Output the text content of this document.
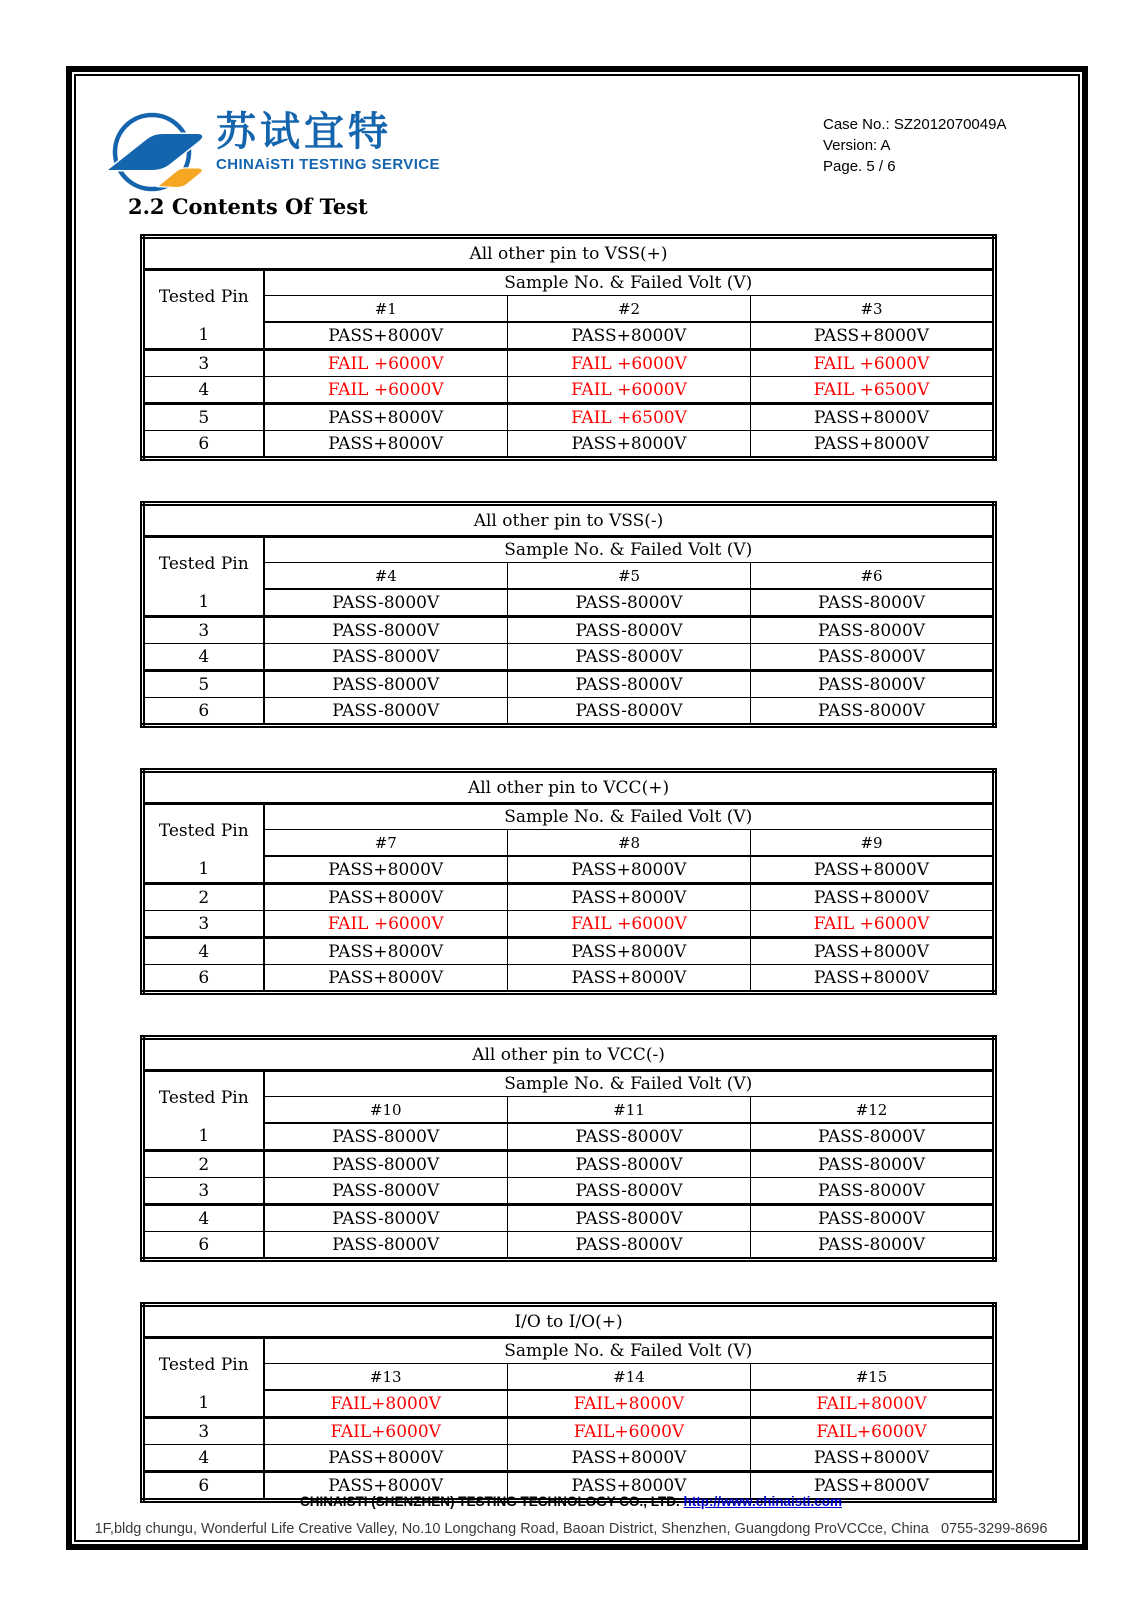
苏试宜特
CHINAiSTI TESTING SERVICE
Case No.: SZ2012070049A
Version: A
Page. 5 / 6
2.2 Contents Of Test
All other pin to VSS(+)			
Tested Pin	Sample No. & Failed Volt (V)		
	#1	#2	#3
1	PASS+8000V	PASS+8000V	PASS+8000V
3	FAIL +6000V	FAIL +6000V	FAIL +6000V
4	FAIL +6000V	FAIL +6000V	FAIL +6500V
5	PASS+8000V	FAIL +6500V	PASS+8000V
6	PASS+8000V	PASS+8000V	PASS+8000V
All other pin to VSS(-)			
Tested Pin	Sample No. & Failed Volt (V)		
	#4	#5	#6
1	PASS-8000V	PASS-8000V	PASS-8000V
3	PASS-8000V	PASS-8000V	PASS-8000V
4	PASS-8000V	PASS-8000V	PASS-8000V
5	PASS-8000V	PASS-8000V	PASS-8000V
6	PASS-8000V	PASS-8000V	PASS-8000V
All other pin to VCC(+)			
Tested Pin	Sample No. & Failed Volt (V)		
	#7	#8	#9
1	PASS+8000V	PASS+8000V	PASS+8000V
2	PASS+8000V	PASS+8000V	PASS+8000V
3	FAIL +6000V	FAIL +6000V	FAIL +6000V
4	PASS+8000V	PASS+8000V	PASS+8000V
6	PASS+8000V	PASS+8000V	PASS+8000V
All other pin to VCC(-)			
Tested Pin	Sample No. & Failed Volt (V)		
	#10	#11	#12
1	PASS-8000V	PASS-8000V	PASS-8000V
2	PASS-8000V	PASS-8000V	PASS-8000V
3	PASS-8000V	PASS-8000V	PASS-8000V
4	PASS-8000V	PASS-8000V	PASS-8000V
6	PASS-8000V	PASS-8000V	PASS-8000V
I/O to I/O(+)			
Tested Pin	Sample No. & Failed Volt (V)		
	#13	#14	#15
1	FAIL+8000V	FAIL+8000V	FAIL+8000V
3	FAIL+6000V	FAIL+6000V	FAIL+6000V
4	PASS+8000V	PASS+8000V	PASS+8000V
6	PASS+8000V	PASS+8000V	PASS+8000V
CHINAISTI (SHENZHEN) TESTING TECHNOLOGY CO., LTD. http://www.chinaisti.com
1F,bldg chungu, Wonderful Life Creative Valley, No.10 Longchang Road, Baoan District, Shenzhen, Guangdong ProVCCce, China   0755-3299-8696
